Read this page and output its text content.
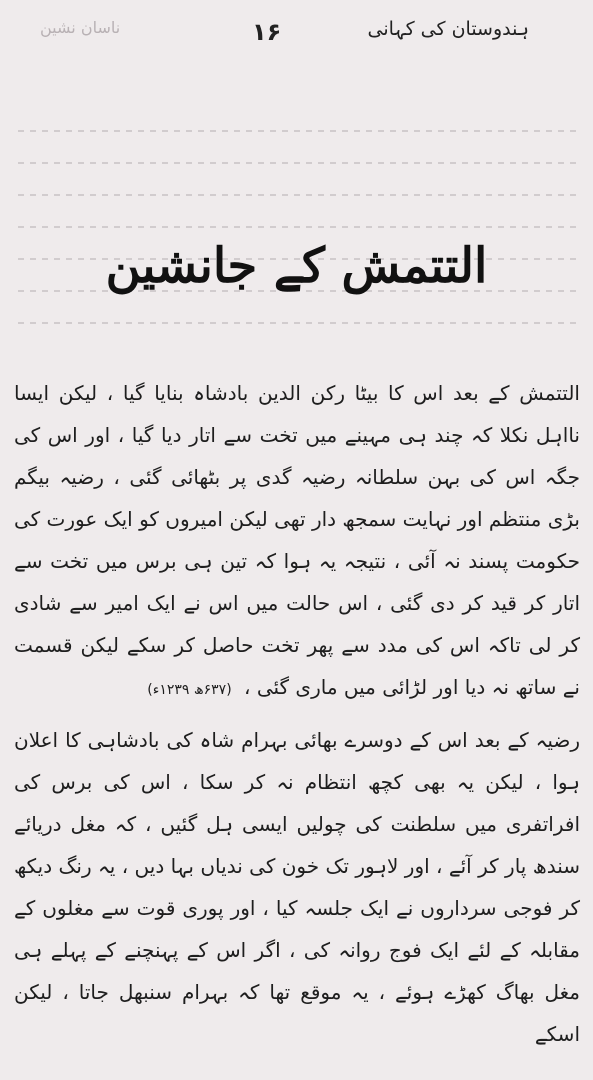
ناسان نشین	۱۶	ہندوستان کی کہانی
التتمش کے جانشین

التتمش کے بعد اس کا بیٹا رکن الدین بادشاہ بنایا گیا ، لیکن ایسا نااہل نکلا کہ چند ہی مہینے میں تخت سے اتار دیا گیا ، اور اس کی جگہ اس کی بہن سلطانہ رضیہ گدی پر بٹھائی گئی ، رضیہ بیگم بڑی منتظم اور نہایت سمجھ دار تھی لیکن امیروں کو ایک عورت کی حکومت پسند نہ آئی ، نتیجہ یہ ہوا کہ تین ہی برس میں تخت سے اتار کر قید کر دی گئی ، اس حالت میں اس نے ایک امیر سے شادی کر لی تاکہ اس کی مدد سے پھر تخت حاصل کر سکے لیکن قسمت نے ساتھ نہ دیا اور لڑائی میں ماری گئی ، (۶۳۷ھ ۱۲۳۹ء)

رضیہ کے بعد اس کے دوسرے بھائی بہرام شاہ کی بادشاہی کا اعلان ہوا ، لیکن یہ بھی کچھ انتظام نہ کر سکا ، اس کی برس کی افراتفری میں سلطنت کی چولیں ایسی ہل گئیں ، کہ مغل دریائے سندھ پار کر آئے ، اور لاہور تک خون کی ندیاں بہا دیں ، یہ رنگ دیکھ کر فوجی سرداروں نے ایک جلسہ کیا ، اور پوری قوت سے مغلوں کے مقابلہ کے لئے ایک فوج روانہ کی ، اگر اس کے پہنچنے کے پہلے ہی مغل بھاگ کھڑے ہوئے ، یہ موقع تھا کہ بہرام سنبھل جاتا ، لیکن اسکے
